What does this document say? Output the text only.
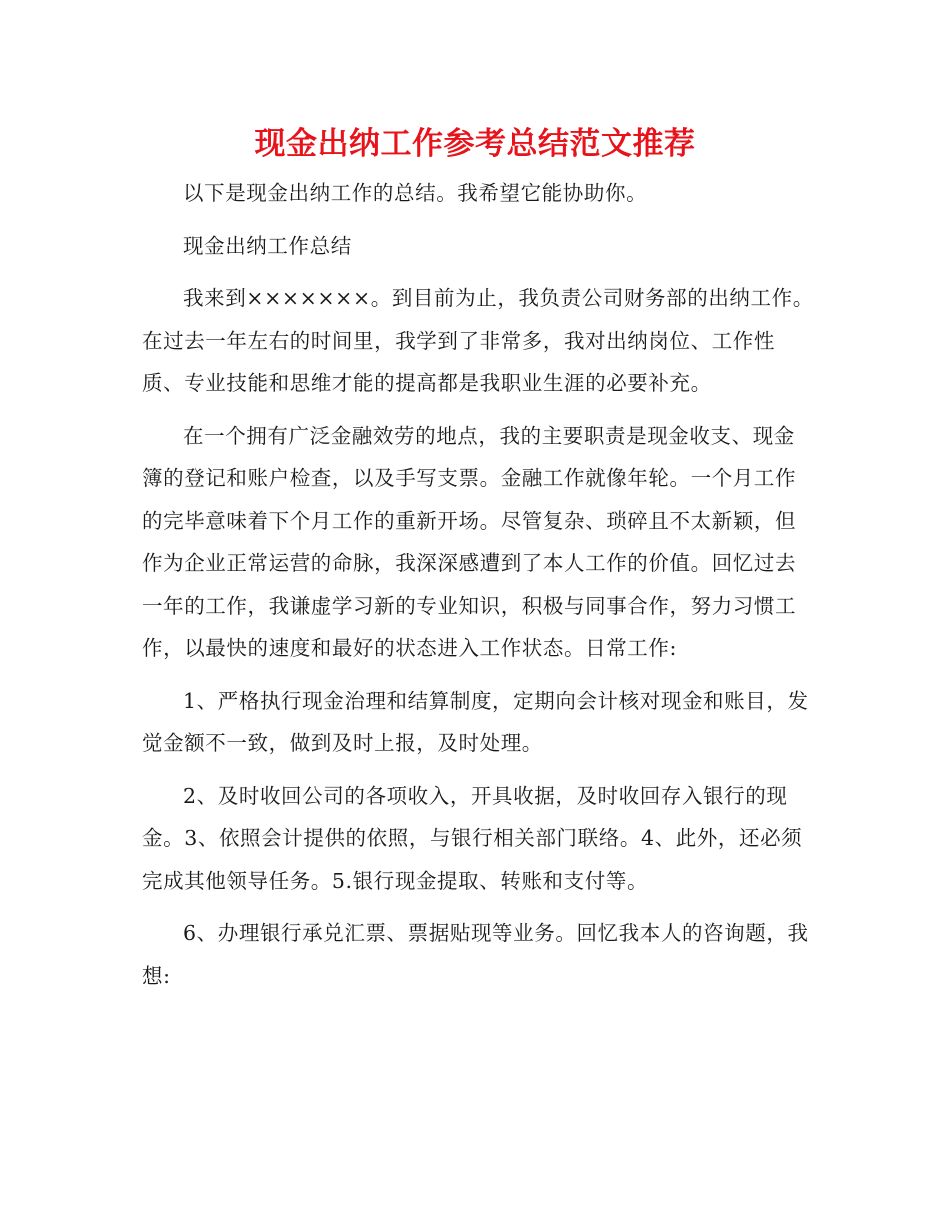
现金出纳工作参考总结范文推荐

以下是现金出纳工作的总结。我希望它能协助你。

现金出纳工作总结

我来到×××××××。到目前为止，我负责公司财务部的出纳工作。在过去一年左右的时间里，我学到了非常多，我对出纳岗位、工作性质、专业技能和思维才能的提高都是我职业生涯的必要补充。

在一个拥有广泛金融效劳的地点，我的主要职责是现金收支、现金簿的登记和账户检查，以及手写支票。金融工作就像年轮。一个月工作的完毕意味着下个月工作的重新开场。尽管复杂、琐碎且不太新颖，但作为企业正常运营的命脉，我深深感遭到了本人工作的价值。回忆过去一年的工作，我谦虚学习新的专业知识，积极与同事合作，努力习惯工作，以最快的速度和最好的状态进入工作状态。日常工作:

1、严格执行现金治理和结算制度，定期向会计核对现金和账目，发觉金额不一致，做到及时上报，及时处理。

2、及时收回公司的各项收入，开具收据，及时收回存入银行的现金。3、依照会计提供的依照，与银行相关部门联络。4、此外，还必须完成其他领导任务。5.银行现金提取、转账和支付等。

6、办理银行承兑汇票、票据贴现等业务。回忆我本人的咨询题，我想:
